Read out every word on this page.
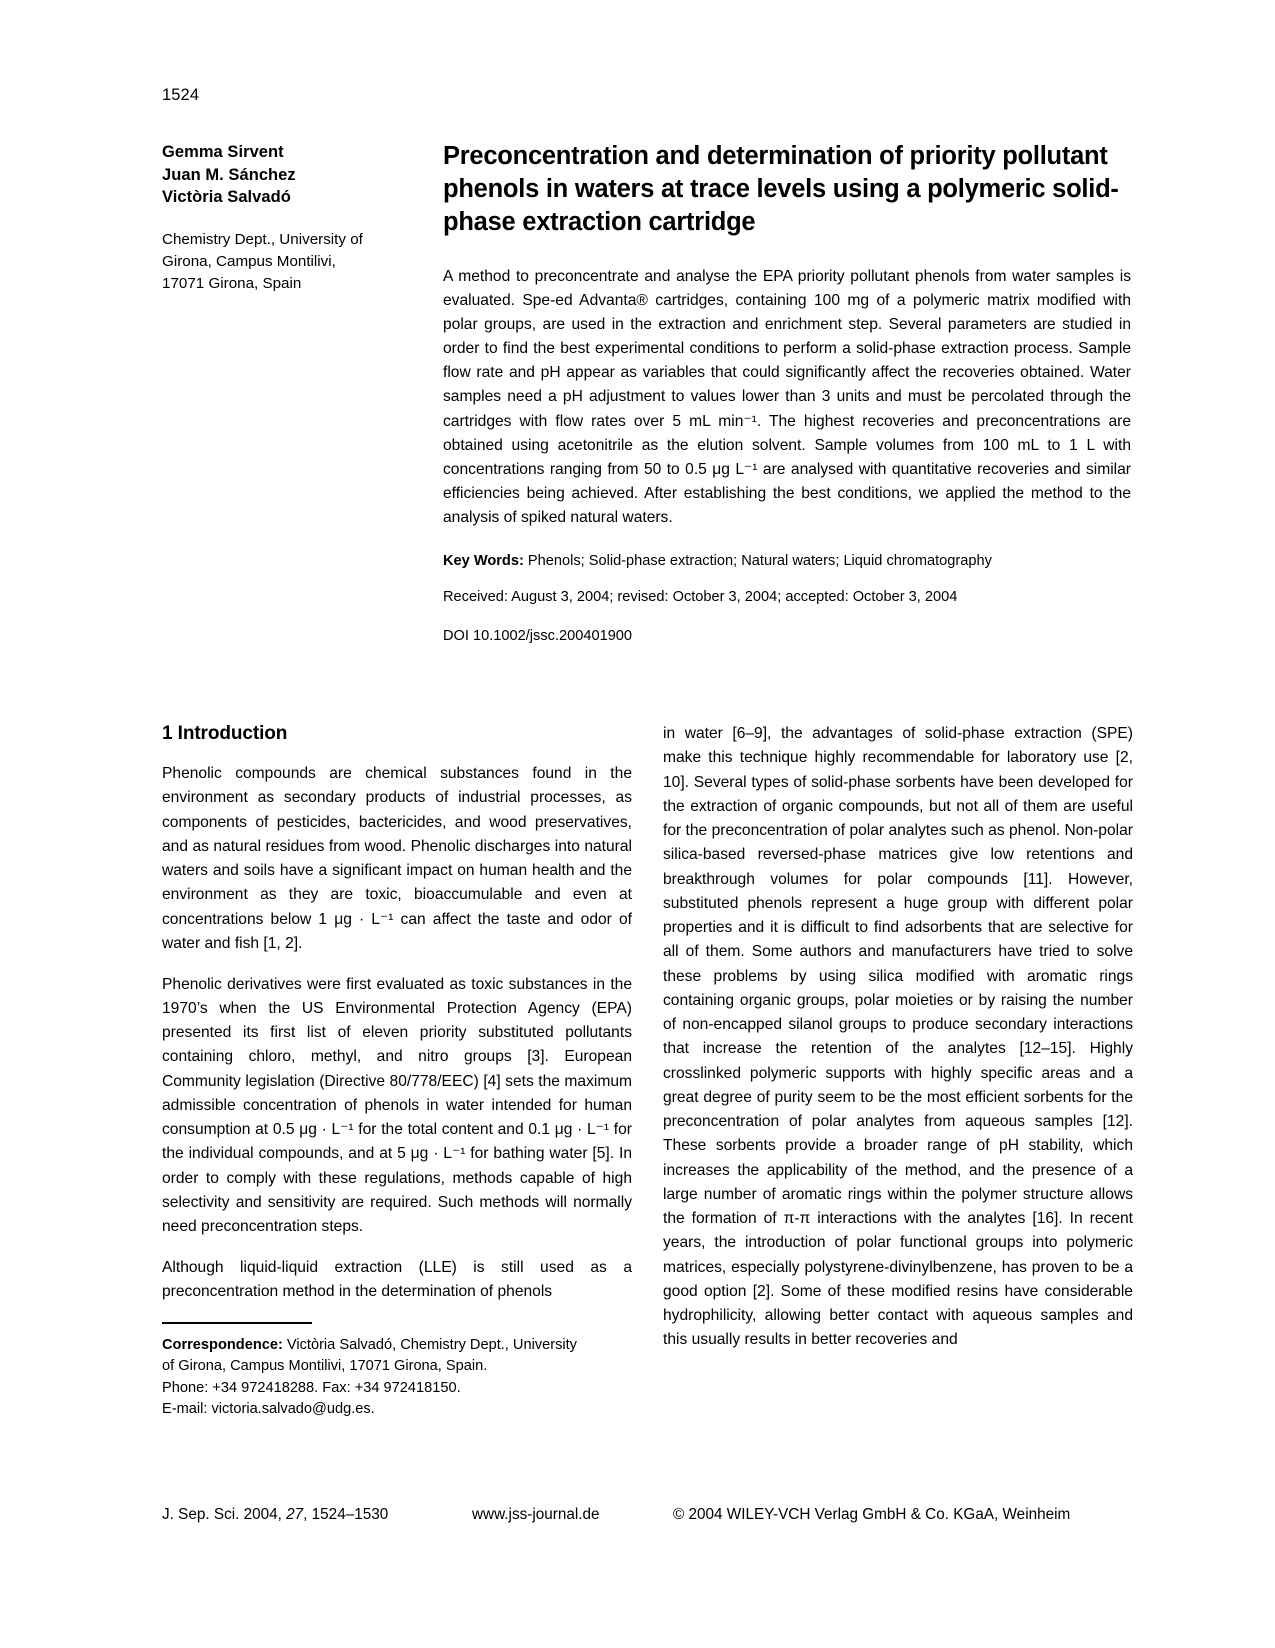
1524
Gemma Sirvent
Juan M. Sánchez
Victòria Salvadó
Chemistry Dept., University of
Girona, Campus Montilivi,
17071 Girona, Spain
Preconcentration and determination of priority pollutant phenols in waters at trace levels using a polymeric solid-phase extraction cartridge

A method to preconcentrate and analyse the EPA priority pollutant phenols from water samples is evaluated. Spe-ed Advanta® cartridges, containing 100 mg of a polymeric matrix modified with polar groups, are used in the extraction and enrichment step. Several parameters are studied in order to find the best experimental conditions to perform a solid-phase extraction process. Sample flow rate and pH appear as variables that could significantly affect the recoveries obtained. Water samples need a pH adjustment to values lower than 3 units and must be percolated through the cartridges with flow rates over 5 mL min⁻¹. The highest recoveries and preconcentrations are obtained using acetonitrile as the elution solvent. Sample volumes from 100 mL to 1 L with concentrations ranging from 50 to 0.5 μg L⁻¹ are analysed with quantitative recoveries and similar efficiencies being achieved. After establishing the best conditions, we applied the method to the analysis of spiked natural waters.

Key Words: Phenols; Solid-phase extraction; Natural waters; Liquid chromatography
Received: August 3, 2004; revised: October 3, 2004; accepted: October 3, 2004
DOI 10.1002/jssc.200401900
1 Introduction

Phenolic compounds are chemical substances found in the environment as secondary products of industrial processes, as components of pesticides, bactericides, and wood preservatives, and as natural residues from wood. Phenolic discharges into natural waters and soils have a significant impact on human health and the environment as they are toxic, bioaccumulable and even at concentrations below 1 μg · L⁻¹ can affect the taste and odor of water and fish [1, 2].

Phenolic derivatives were first evaluated as toxic substances in the 1970’s when the US Environmental Protection Agency (EPA) presented its first list of eleven priority substituted pollutants containing chloro, methyl, and nitro groups [3]. European Community legislation (Directive 80/778/EEC) [4] sets the maximum admissible concentration of phenols in water intended for human consumption at 0.5 μg · L⁻¹ for the total content and 0.1 μg · L⁻¹ for the individual compounds, and at 5 μg · L⁻¹ for bathing water [5]. In order to comply with these regulations, methods capable of high selectivity and sensitivity are required. Such methods will normally need preconcentration steps.

Although liquid-liquid extraction (LLE) is still used as a preconcentration method in the determination of phenols

in water [6–9], the advantages of solid-phase extraction (SPE) make this technique highly recommendable for laboratory use [2, 10]. Several types of solid-phase sorbents have been developed for the extraction of organic compounds, but not all of them are useful for the preconcentration of polar analytes such as phenol. Non-polar silica-based reversed-phase matrices give low retentions and breakthrough volumes for polar compounds [11]. However, substituted phenols represent a huge group with different polar properties and it is difficult to find adsorbents that are selective for all of them. Some authors and manufacturers have tried to solve these problems by using silica modified with aromatic rings containing organic groups, polar moieties or by raising the number of non-encapped silanol groups to produce secondary interactions that increase the retention of the analytes [12–15]. Highly crosslinked polymeric supports with highly specific areas and a great degree of purity seem to be the most efficient sorbents for the preconcentration of polar analytes from aqueous samples [12]. These sorbents provide a broader range of pH stability, which increases the applicability of the method, and the presence of a large number of aromatic rings within the polymer structure allows the formation of π-π interactions with the analytes [16]. In recent years, the introduction of polar functional groups into polymeric matrices, especially polystyrene-divinylbenzene, has proven to be a good option [2]. Some of these modified resins have considerable hydrophilicity, allowing better contact with aqueous samples and this usually results in better recoveries and

Correspondence: Victòria Salvadó, Chemistry Dept., University
of Girona, Campus Montilivi, 17071 Girona, Spain.
Phone: +34 972418288. Fax: +34 972418150.
E-mail: victoria.salvado@udg.es.
J. Sep. Sci. 2004, 27, 1524–1530	www.jss-journal.de	© 2004 WILEY-VCH Verlag GmbH & Co. KGaA, Weinheim
